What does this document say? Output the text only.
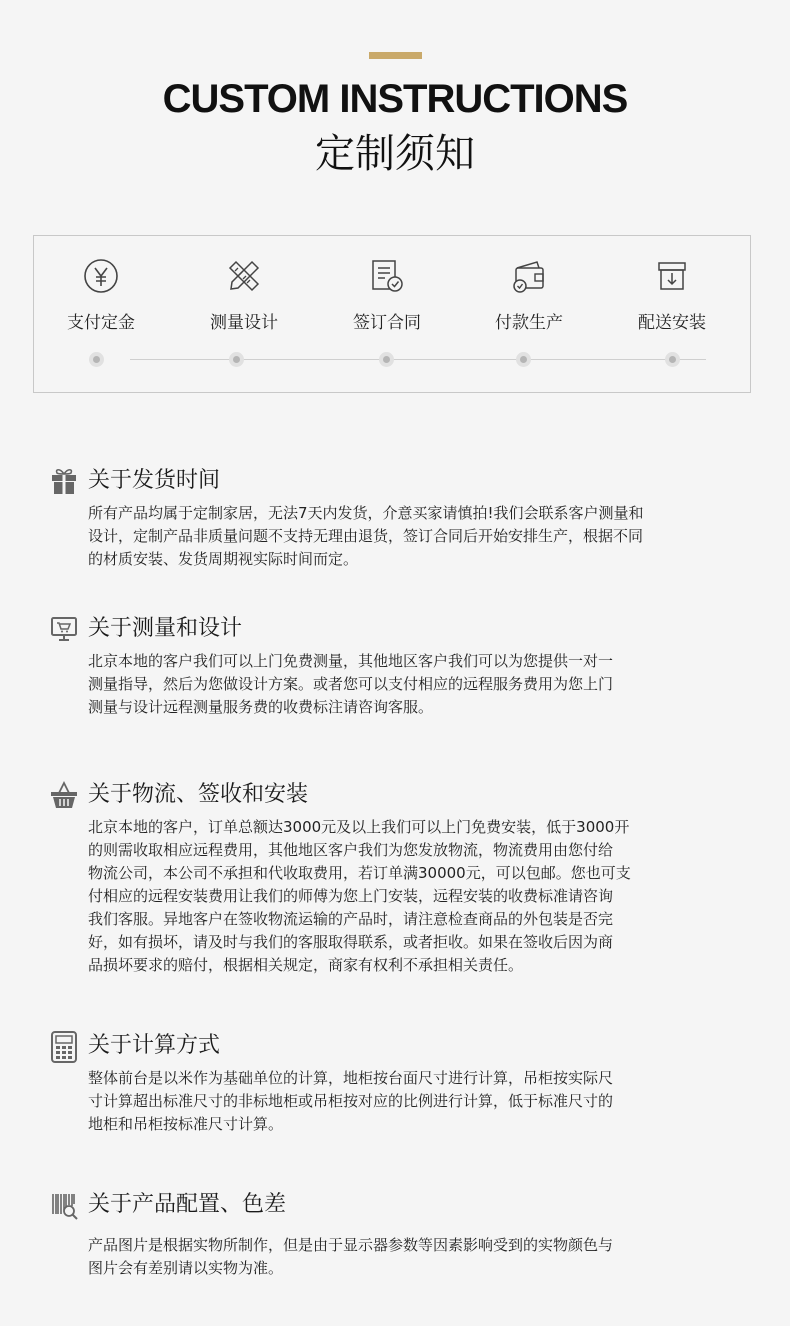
CUSTOM INSTRUCTIONS
定制须知
支付定金	测量设计	签订合同	付款生产	配送安装
关于发货时间

所有产品均属于定制家居，无法7天内发货，介意买家请慎拍!我们会联系客户测量和

设计，定制产品非质量问题不支持无理由退货，签订合同后开始安排生产，根据不同

的材质安装、发货周期视实际时间而定。

关于测量和设计

北京本地的客户我们可以上门免费测量，其他地区客户我们可以为您提供一对一

测量指导，然后为您做设计方案。或者您可以支付相应的远程服务费用为您上门

测量与设计远程测量服务费的收费标注请咨询客服。

关于物流、签收和安装

北京本地的客户，订单总额达3000元及以上我们可以上门免费安装，低于3000开

的则需收取相应远程费用，其他地区客户我们为您发放物流，物流费用由您付给

物流公司，本公司不承担和代收取费用，若订单满30000元，可以包邮。您也可支

付相应的远程安装费用让我们的师傅为您上门安装，远程安装的收费标准请咨询

我们客服。异地客户在签收物流运输的产品时，请注意检查商品的外包装是否完

好，如有损坏，请及时与我们的客服取得联系，或者拒收。如果在签收后因为商

品损坏要求的赔付，根据相关规定，商家有权利不承担相关责任。

关于计算方式

整体前台是以米作为基础单位的计算，地柜按台面尺寸进行计算，吊柜按实际尺

寸计算超出标准尺寸的非标地柜或吊柜按对应的比例进行计算，低于标准尺寸的

地柜和吊柜按标准尺寸计算。

关于产品配置、色差

产品图片是根据实物所制作，但是由于显示器参数等因素影响受到的实物颜色与

图片会有差别请以实物为准。
